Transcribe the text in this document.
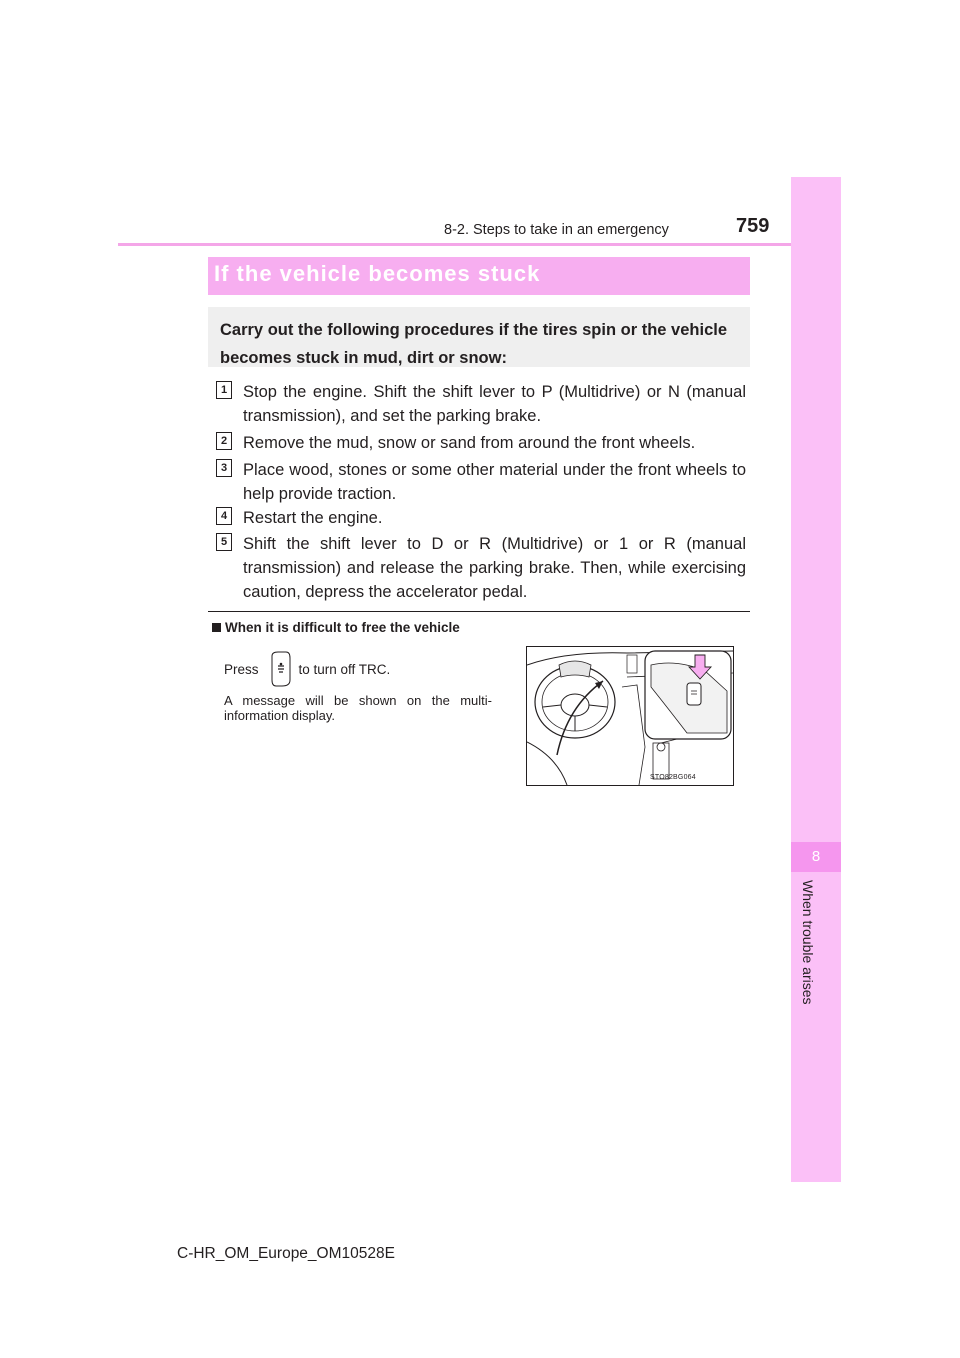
8-2. Steps to take in an emergency	759
8
When trouble arises
If the vehicle becomes stuck
Carry out the following procedures if the tires spin or the vehicle becomes stuck in mud, dirt or snow:
1 Stop the engine. Shift the shift lever to P (Multidrive) or N (manual transmission), and set the parking brake.
2 Remove the mud, snow or sand from around the front wheels.
3 Place wood, stones or some other material under the front wheels to help provide traction.
4 Restart the engine.
5 Shift the shift lever to D or R (Multidrive) or 1 or R (manual transmission) and release the parking brake. Then, while exercising caution, depress the accelerator pedal.
When it is difficult to free the vehicle
Press	to turn off TRC.
A message will be shown on the multi-information display.
STO82BG064
C-HR_OM_Europe_OM10528E
